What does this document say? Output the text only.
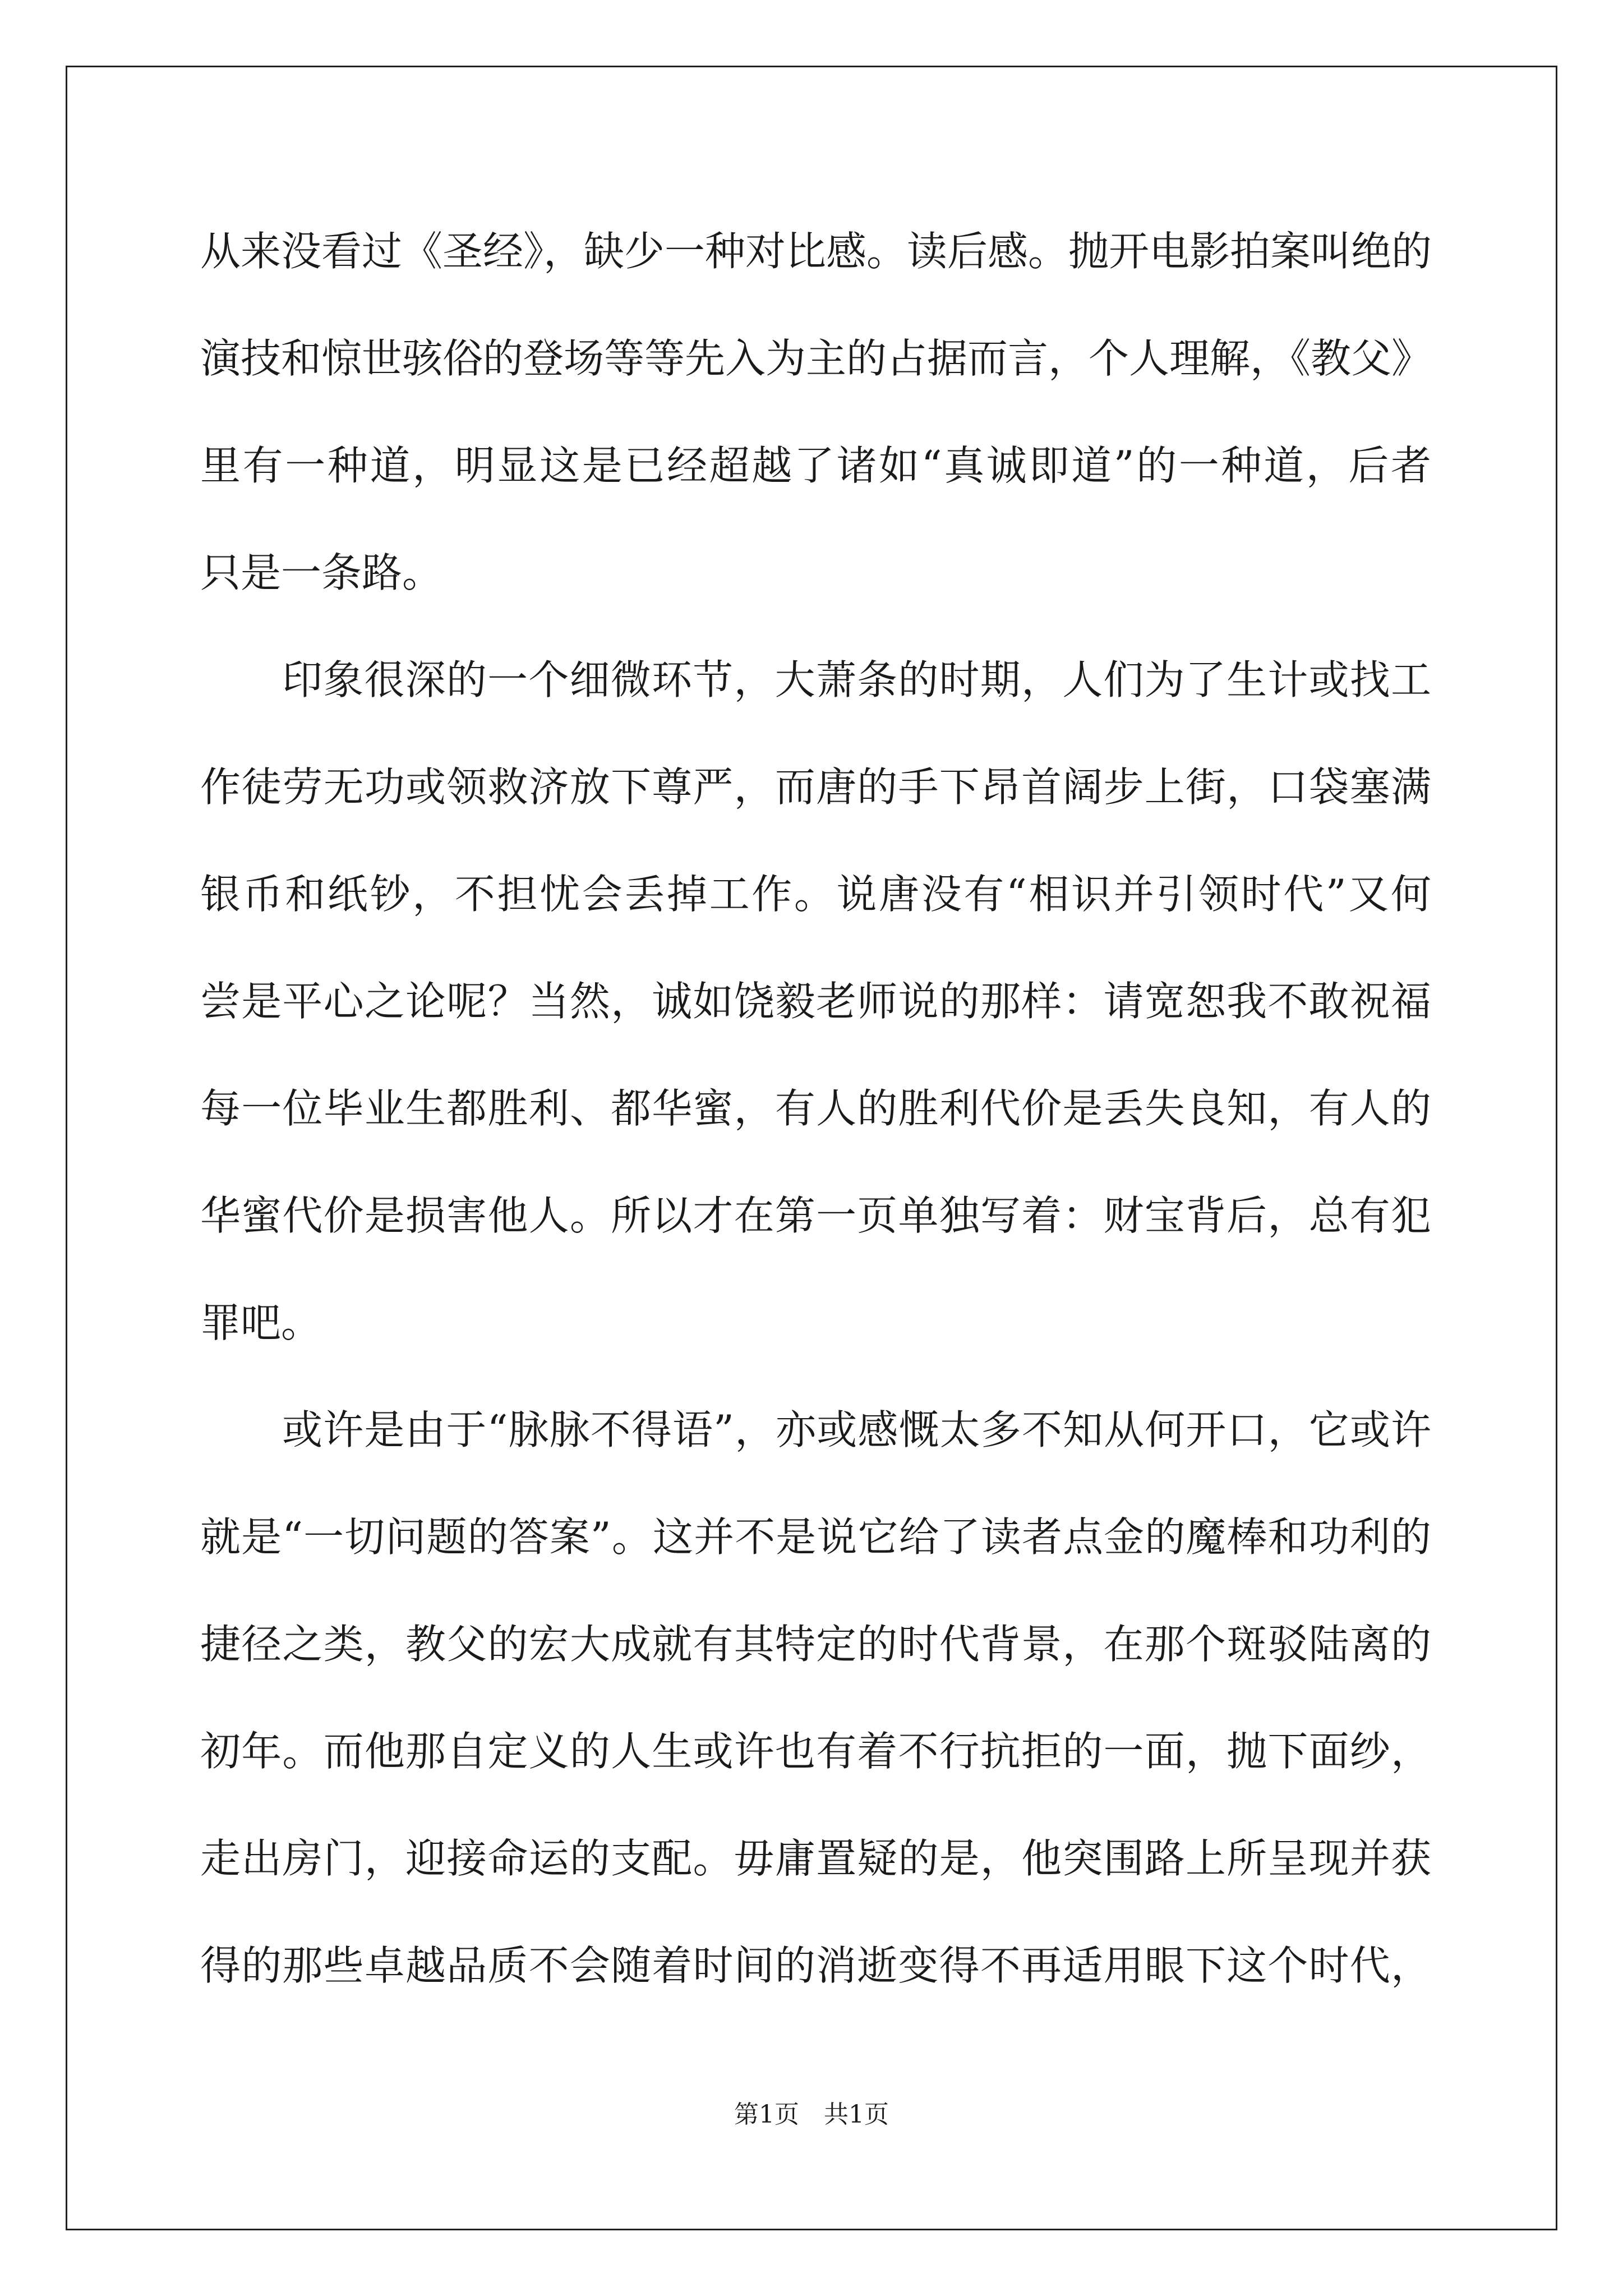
从来没看过《圣经》，缺少一种对比感。读后感。抛开电影拍案叫绝的
演技和惊世骇俗的登场等等先入为主的占据而言，个人理解，《教父》
里有一种道，明显这是已经超越了诸如“真诚即道”的一种道，后者
只是一条路。
印象很深的一个细微环节，大萧条的时期，人们为了生计或找工
作徒劳无功或领救济放下尊严，而唐的手下昂首阔步上街，口袋塞满
银币和纸钞，不担忧会丢掉工作。说唐没有“相识并引领时代”又何
尝是平心之论呢？当然，诚如饶毅老师说的那样：请宽恕我不敢祝福
每一位毕业生都胜利、都华蜜，有人的胜利代价是丢失良知，有人的
华蜜代价是损害他人。所以才在第一页单独写着：财宝背后，总有犯
罪吧。
或许是由于“脉脉不得语”，亦或感慨太多不知从何开口，它或许
就是“一切问题的答案”。这并不是说它给了读者点金的魔棒和功利的
捷径之类，教父的宏大成就有其特定的时代背景，在那个斑驳陆离的
初年。而他那自定义的人生或许也有着不行抗拒的一面，抛下面纱，
走出房门，迎接命运的支配。毋庸置疑的是，他突围路上所呈现并获
得的那些卓越品质不会随着时间的消逝变得不再适用眼下这个时代，
第1页　共1页
